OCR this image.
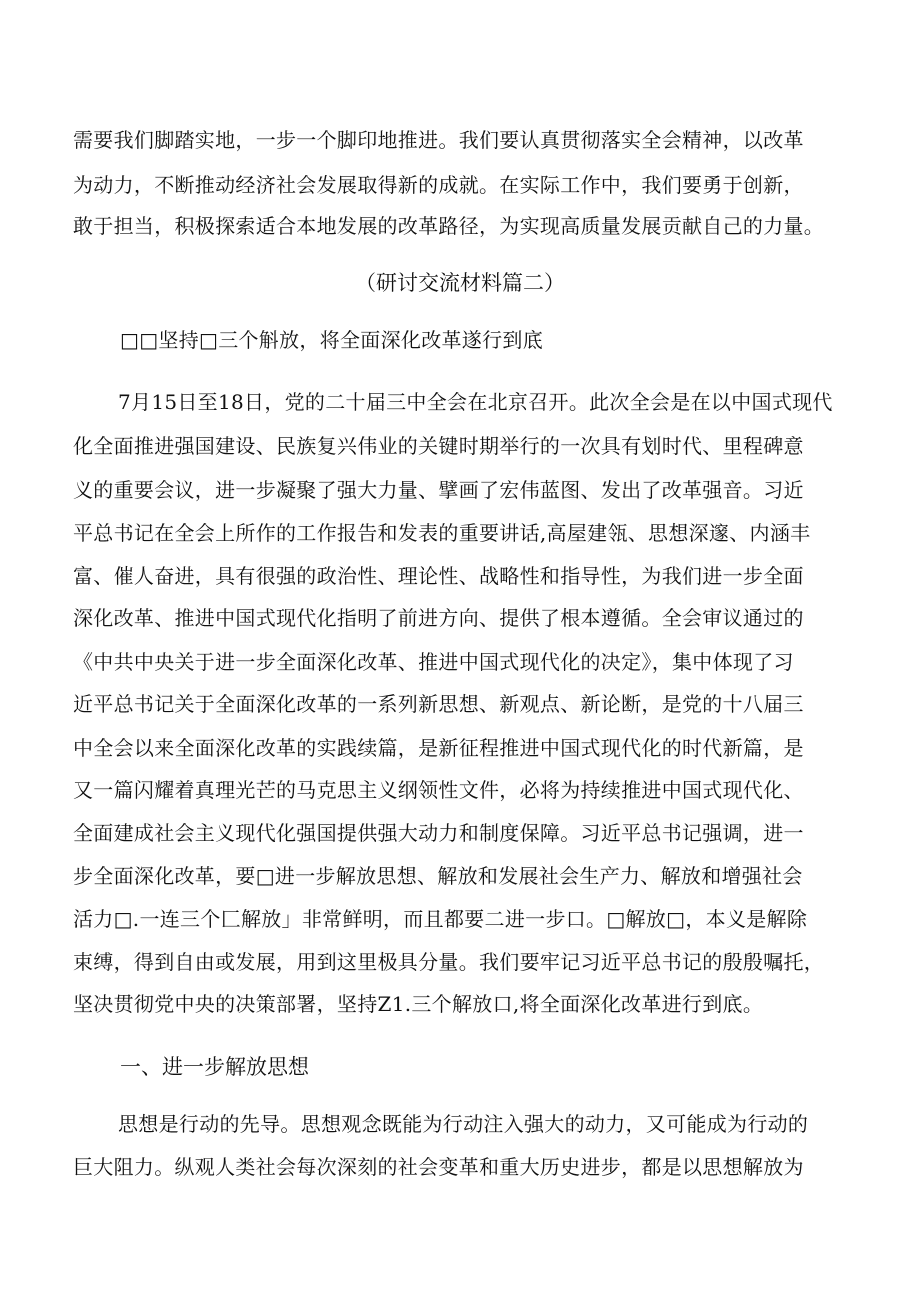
需要我们脚踏实地，一步一个脚印地推进。我们要认真贯彻落实全会精神，以改革
为动力，不断推动经济社会发展取得新的成就。在实际工作中，我们要勇于创新，
敢于担当，积极探索适合本地发展的改革路径，为实现高质量发展贡献自己的力量。
（研讨交流材料篇二）
□□坚持□三个斛放，将全面深化改革遂行到底
7月15日至18日，党的二十届三中全会在北京召开。此次全会是在以中国式现代
化全面推进强国建设、民族复兴伟业的关键时期举行的一次具有划时代、里程碑意
义的重要会议，进一步凝聚了强大力量、擘画了宏伟蓝图、发出了改革强音。习近
平总书记在全会上所作的工作报告和发表的重要讲话,高屋建瓴、思想深邃、内涵丰
富、催人奋进，具有很强的政治性、理论性、战略性和指导性，为我们进一步全面
深化改革、推进中国式现代化指明了前进方向、提供了根本遵循。全会审议通过的
《中共中央关于进一步全面深化改革、推进中国式现代化的决定》，集中体现了习
近平总书记关于全面深化改革的一系列新思想、新观点、新论断，是党的十八届三
中全会以来全面深化改革的实践续篇，是新征程推进中国式现代化的时代新篇，是
又一篇闪耀着真理光芒的马克思主义纲领性文件，必将为持续推进中国式现代化、
全面建成社会主义现代化强国提供强大动力和制度保障。习近平总书记强调，进一
步全面深化改革，要□进一步解放思想、解放和发展社会生产力、解放和增强社会
活力□.一连三个匚解放」非常鲜明，而且都要二进一步口。□解放□，本义是解除
束缚，得到自由或发展，用到这里极具分量。我们要牢记习近平总书记的殷殷嘱托，
坚决贯彻党中央的决策部署，坚持Z1.三个解放口,将全面深化改革进行到底。
一、进一步解放思想
思想是行动的先导。思想观念既能为行动注入强大的动力，又可能成为行动的
巨大阻力。纵观人类社会每次深刻的社会变革和重大历史进步，都是以思想解放为
